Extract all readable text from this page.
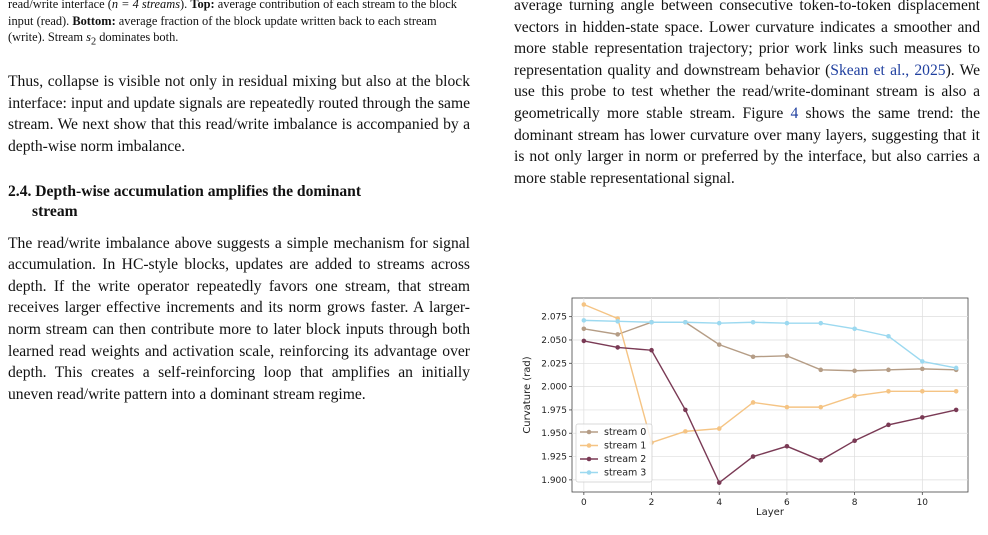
read/write interface (n = 4 streams). Top: average contribution of each stream to the block input (read). Bottom: average fraction of the block update written back to each stream (write). Stream $s_2$ dominates both.

Thus, collapse is visible not only in residual mixing but also at the block interface: input and update signals are repeatedly routed through the same stream. We next show that this read/write imbalance is accompanied by a depth-wise norm imbalance.

2.4. Depth-wise accumulation amplifies the dominant
stream

The read/write imbalance above suggests a simple mechanism for signal accumulation. In HC-style blocks, updates are added to streams across depth. If the write operator repeatedly favors one stream, that stream receives larger effective increments and its norm grows faster. A larger-norm stream can then contribute more to later block inputs through both learned read weights and activation scale, reinforcing its advantage over depth. This creates a self-reinforcing loop that amplifies an initially uneven read/write pattern into a dominant stream regime.

average turning angle between consecutive token-to-token displacement vectors in hidden-state space. Lower curvature indicates a smoother and more stable representation trajectory; prior work links such measures to representation quality and downstream behavior (Skean et al., 2025). We use this probe to test whether the read/write-dominant stream is also a geometrically more stable stream. Figure 4 shows the same trend: the dominant stream has lower curvature over many layers, suggesting that it is not only larger in norm or preferred by the interface, but also carries a more stable representational signal.

0	2	4	6	8	10
1.900
1.925
1.950
1.975
2.000
2.025
2.050
2.075
stream 0
stream 1
stream 2
stream 3
Layer
Curvature (rad)
